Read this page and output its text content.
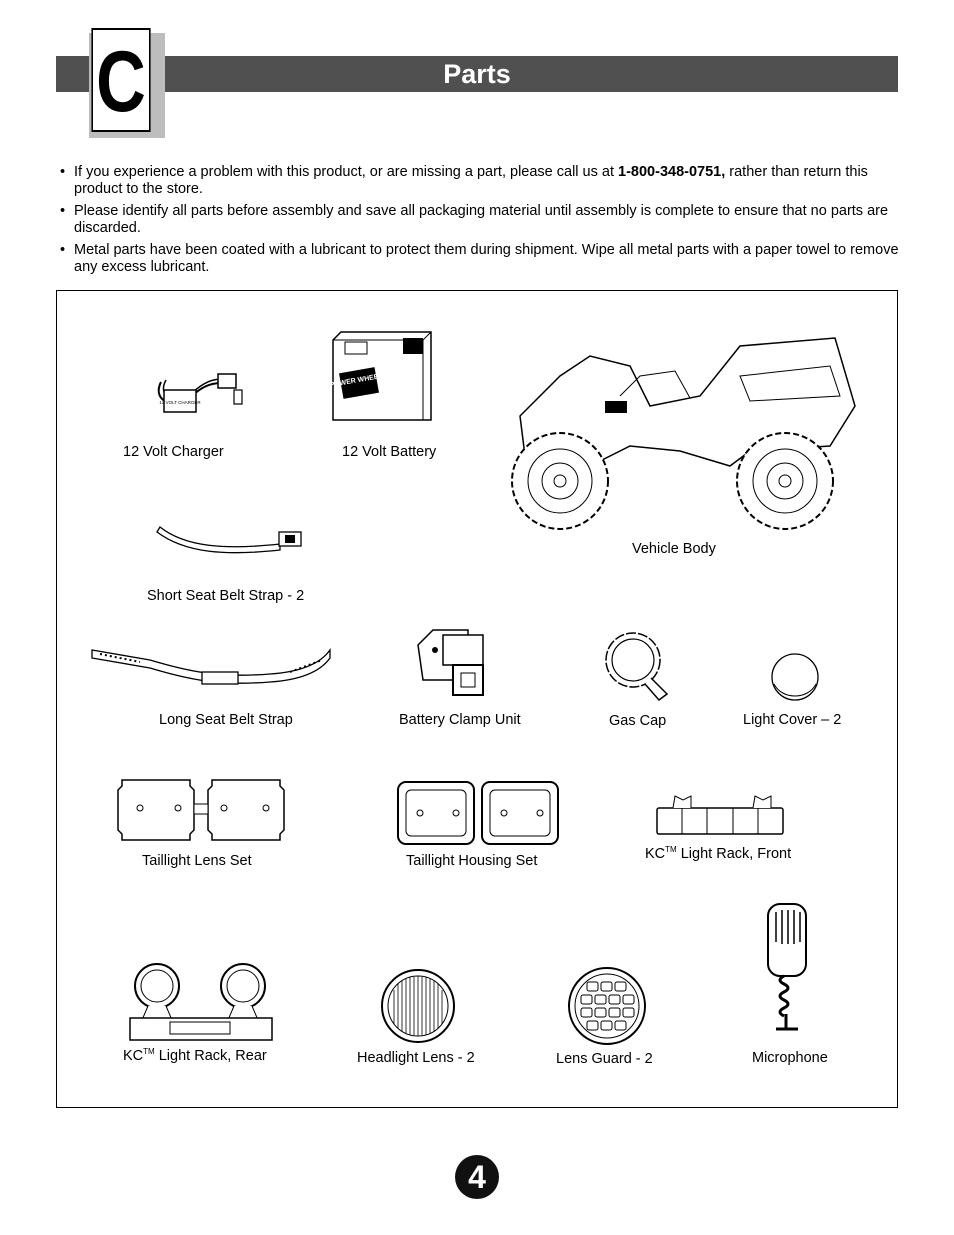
Parts
C
• If you experience a problem with this product, or are missing a part, please call us at 1-800-348-0751, rather than return this product to the store.
• Please identify all parts before assembly and save all packaging material until assembly is complete to ensure that no parts are discarded.
• Metal parts have been coated with a lubricant to protect them during shipment. Wipe all metal parts with a paper towel to remove any excess lubricant.
12 VOLT CHARGER
12 Volt Charger
POWER WHEELS
12 Volt Battery
Vehicle Body
Short Seat Belt Strap - 2
Long Seat Belt Strap	Battery Clamp Unit	Gas Cap	Light Cover – 2
Taillight Lens Set	Taillight Housing Set	KC™ Light Rack, Front
KC™ Light Rack, Rear	Headlight Lens - 2	Lens Guard - 2	Microphone
4
